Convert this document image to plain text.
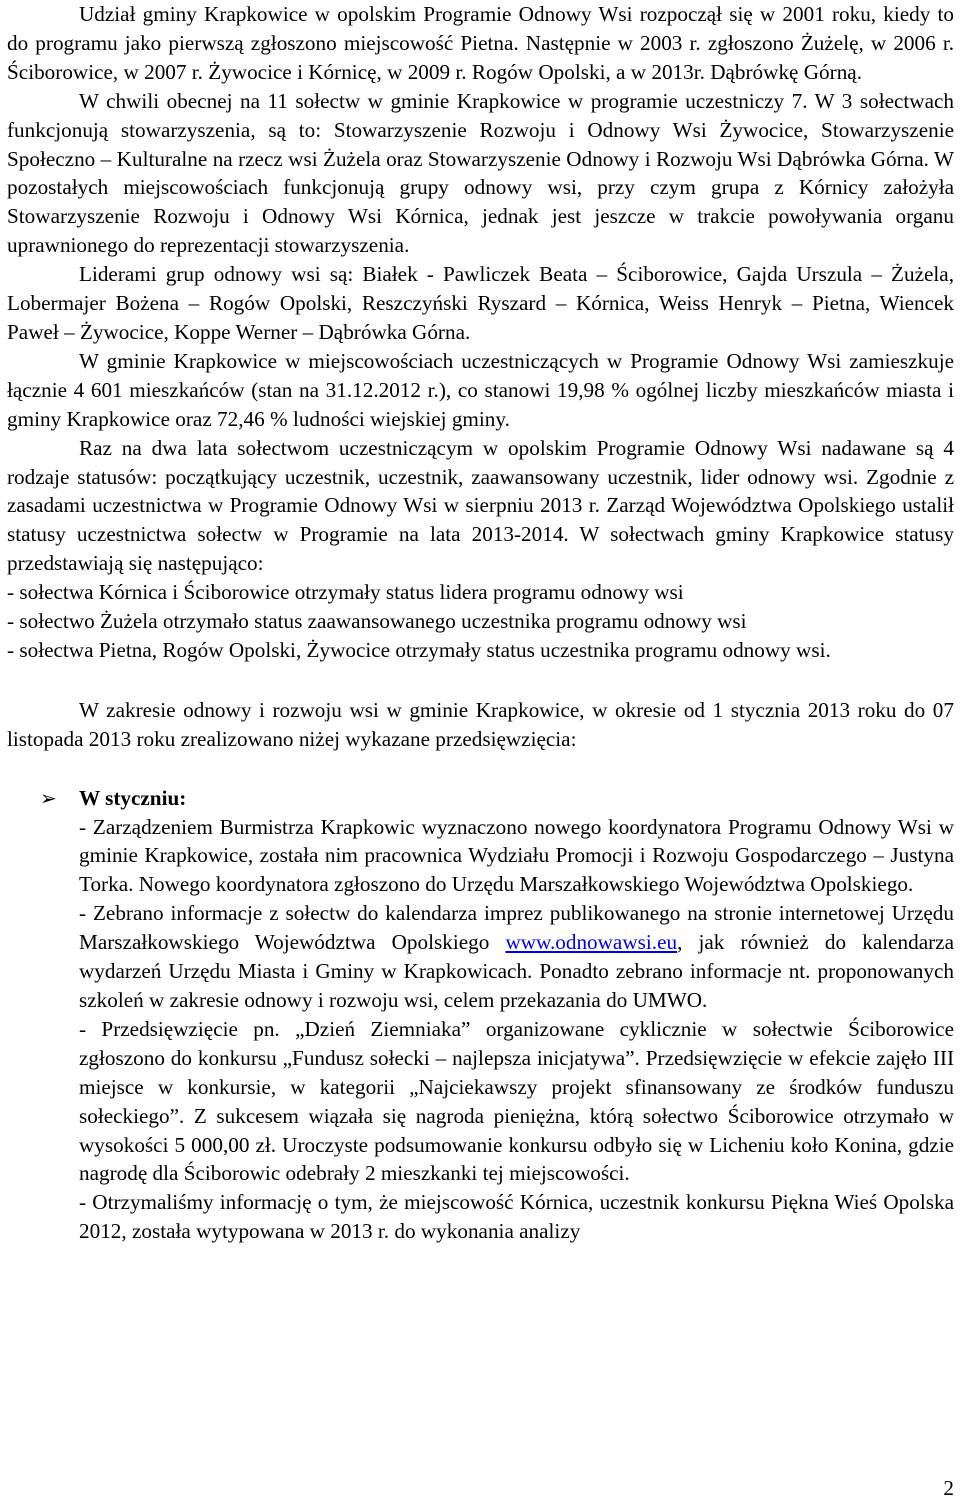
Udział gminy Krapkowice w opolskim Programie Odnowy Wsi rozpoczął się w 2001 roku, kiedy to do programu jako pierwszą zgłoszono miejscowość Pietna. Następnie w 2003 r. zgłoszono Żużelę, w 2006 r. Ściborowice, w 2007 r. Żywocice i Kórnicę, w 2009 r. Rogów Opolski, a w 2013r. Dąbrówkę Górną.

W chwili obecnej na 11 sołectw w gminie Krapkowice w programie uczestniczy 7. W 3 sołectwach funkcjonują stowarzyszenia, są to: Stowarzyszenie Rozwoju i Odnowy Wsi Żywocice, Stowarzyszenie Społeczno – Kulturalne na rzecz wsi Żużela oraz Stowarzyszenie Odnowy i Rozwoju Wsi Dąbrówka Górna. W pozostałych miejscowościach funkcjonują grupy odnowy wsi, przy czym grupa z Kórnicy założyła Stowarzyszenie Rozwoju i Odnowy Wsi Kórnica, jednak jest jeszcze w trakcie powoływania organu uprawnionego do reprezentacji stowarzyszenia.

Liderami grup odnowy wsi są: Białek - Pawliczek Beata – Ściborowice, Gajda Urszula – Żużela, Lobermajer Bożena – Rogów Opolski, Reszczyński Ryszard – Kórnica, Weiss Henryk – Pietna, Wiencek Paweł – Żywocice, Koppe Werner – Dąbrówka Górna.

W gminie Krapkowice w miejscowościach uczestniczących w Programie Odnowy Wsi zamieszkuje łącznie 4 601 mieszkańców (stan na 31.12.2012 r.), co stanowi 19,98 % ogólnej liczby mieszkańców miasta i gminy Krapkowice oraz 72,46 % ludności wiejskiej gminy.

Raz na dwa lata sołectwom uczestniczącym w opolskim Programie Odnowy Wsi nadawane są 4 rodzaje statusów: początkujący uczestnik, uczestnik, zaawansowany uczestnik, lider odnowy wsi. Zgodnie z zasadami uczestnictwa w Programie Odnowy Wsi w sierpniu 2013 r. Zarząd Województwa Opolskiego ustalił statusy uczestnictwa sołectw w Programie na lata 2013-2014. W sołectwach gminy Krapkowice statusy przedstawiają się następująco:

- sołectwa Kórnica i Ściborowice otrzymały status lidera programu odnowy wsi

- sołectwo Żużela otrzymało status zaawansowanego uczestnika programu odnowy wsi

- sołectwa Pietna, Rogów Opolski, Żywocice otrzymały status uczestnika programu odnowy wsi.

W zakresie odnowy i rozwoju wsi w gminie Krapkowice, w okresie od 1 stycznia 2013 roku do 07 listopada 2013 roku zrealizowano niżej wykazane przedsięwzięcia:

➢ W styczniu:

- Zarządzeniem Burmistrza Krapkowic wyznaczono nowego koordynatora Programu Odnowy Wsi w gminie Krapkowice, została nim pracownica Wydziału Promocji i Rozwoju Gospodarczego – Justyna Torka. Nowego koordynatora zgłoszono do Urzędu Marszałkowskiego Województwa Opolskiego.

- Zebrano informacje z sołectw do kalendarza imprez publikowanego na stronie internetowej Urzędu Marszałkowskiego Województwa Opolskiego www.odnowawsi.eu, jak również do kalendarza wydarzeń Urzędu Miasta i Gminy w Krapkowicach. Ponadto zebrano informacje nt. proponowanych szkoleń w zakresie odnowy i rozwoju wsi, celem przekazania do UMWO.

- Przedsięwzięcie pn. „Dzień Ziemniaka” organizowane cyklicznie w sołectwie Ściborowice zgłoszono do konkursu „Fundusz sołecki – najlepsza inicjatywa”. Przedsięwzięcie w efekcie zajęło III miejsce w konkursie, w kategorii „Najciekawszy projekt sfinansowany ze środków funduszu sołeckiego”. Z sukcesem wiązała się nagroda pieniężna, którą sołectwo Ściborowice otrzymało w wysokości 5 000,00 zł. Uroczyste podsumowanie konkursu odbyło się w Licheniu koło Konina, gdzie nagrodę dla Ściborowic odebrały 2 mieszkanki tej miejscowości.

- Otrzymaliśmy informację o tym, że miejscowość Kórnica, uczestnik konkursu Piękna Wieś Opolska 2012, została wytypowana w 2013 r. do wykonania analizy

2
